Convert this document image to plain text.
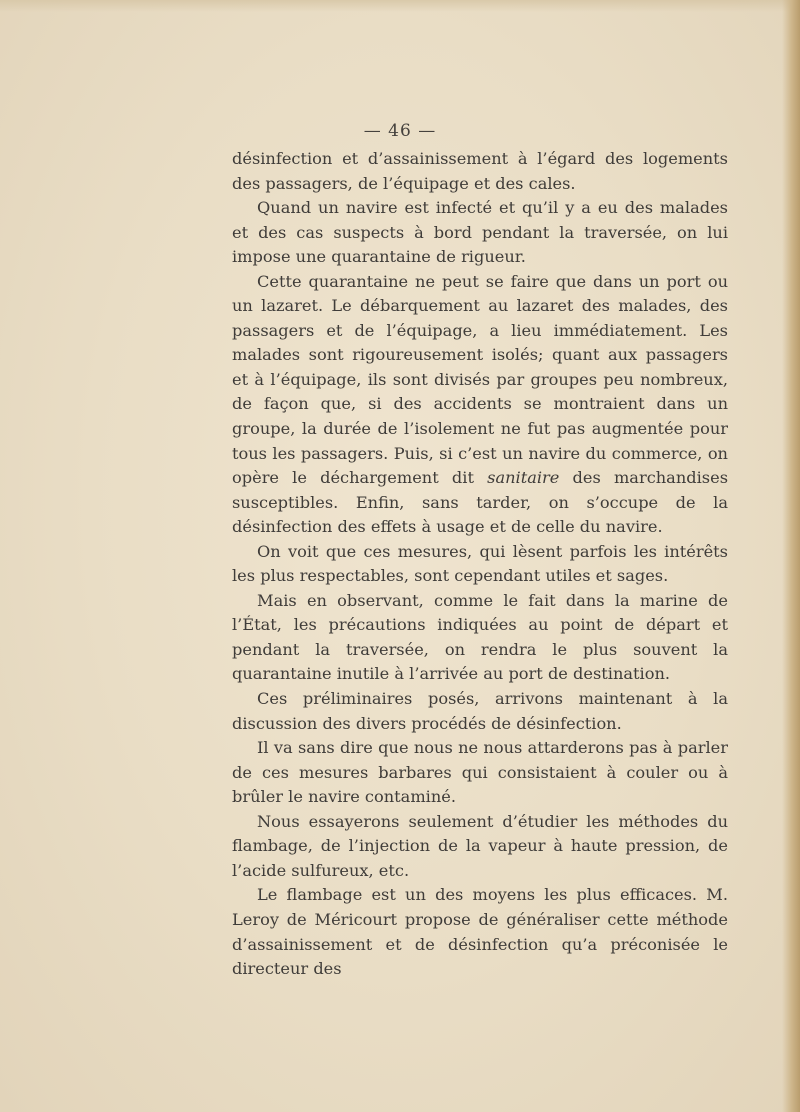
— 46 —

désinfection et d’assainissement à l’égard des logements des passagers, de l’équipage et des cales.

Quand un navire est infecté et qu’il y a eu des malades et des cas suspects à bord pendant la traversée, on lui impose une quarantaine de rigueur.

Cette quarantaine ne peut se faire que dans un port ou un lazaret. Le débarquement au lazaret des malades, des passagers et de l’équipage, a lieu immédiatement. Les malades sont rigoureusement isolés; quant aux passagers et à l’équipage, ils sont divisés par groupes peu nombreux, de façon que, si des accidents se montraient dans un groupe, la durée de l’isolement ne fut pas augmentée pour tous les passagers. Puis, si c’est un navire du commerce, on opère le déchargement dit sanitaire des marchandises susceptibles. Enfin, sans tarder, on s’occupe de la désinfection des effets à usage et de celle du navire.

On voit que ces mesures, qui lèsent parfois les intérêts les plus respectables, sont cependant utiles et sages.

Mais en observant, comme le fait dans la marine de l’État, les précautions indiquées au point de départ et pendant la traversée, on rendra le plus souvent la quarantaine inutile à l’arrivée au port de destination.

Ces préliminaires posés, arrivons maintenant à la discussion des divers procédés de désinfection.

Il va sans dire que nous ne nous attarderons pas à parler de ces mesures barbares qui consistaient à couler ou à brûler le navire contaminé.

Nous essayerons seulement d’étudier les méthodes du flambage, de l’injection de la vapeur à haute pression, de l’acide sulfureux, etc.

Le flambage est un des moyens les plus efficaces. M. Leroy de Méricourt propose de généraliser cette méthode d’assainissement et de désinfection qu’a préconisée le directeur des
